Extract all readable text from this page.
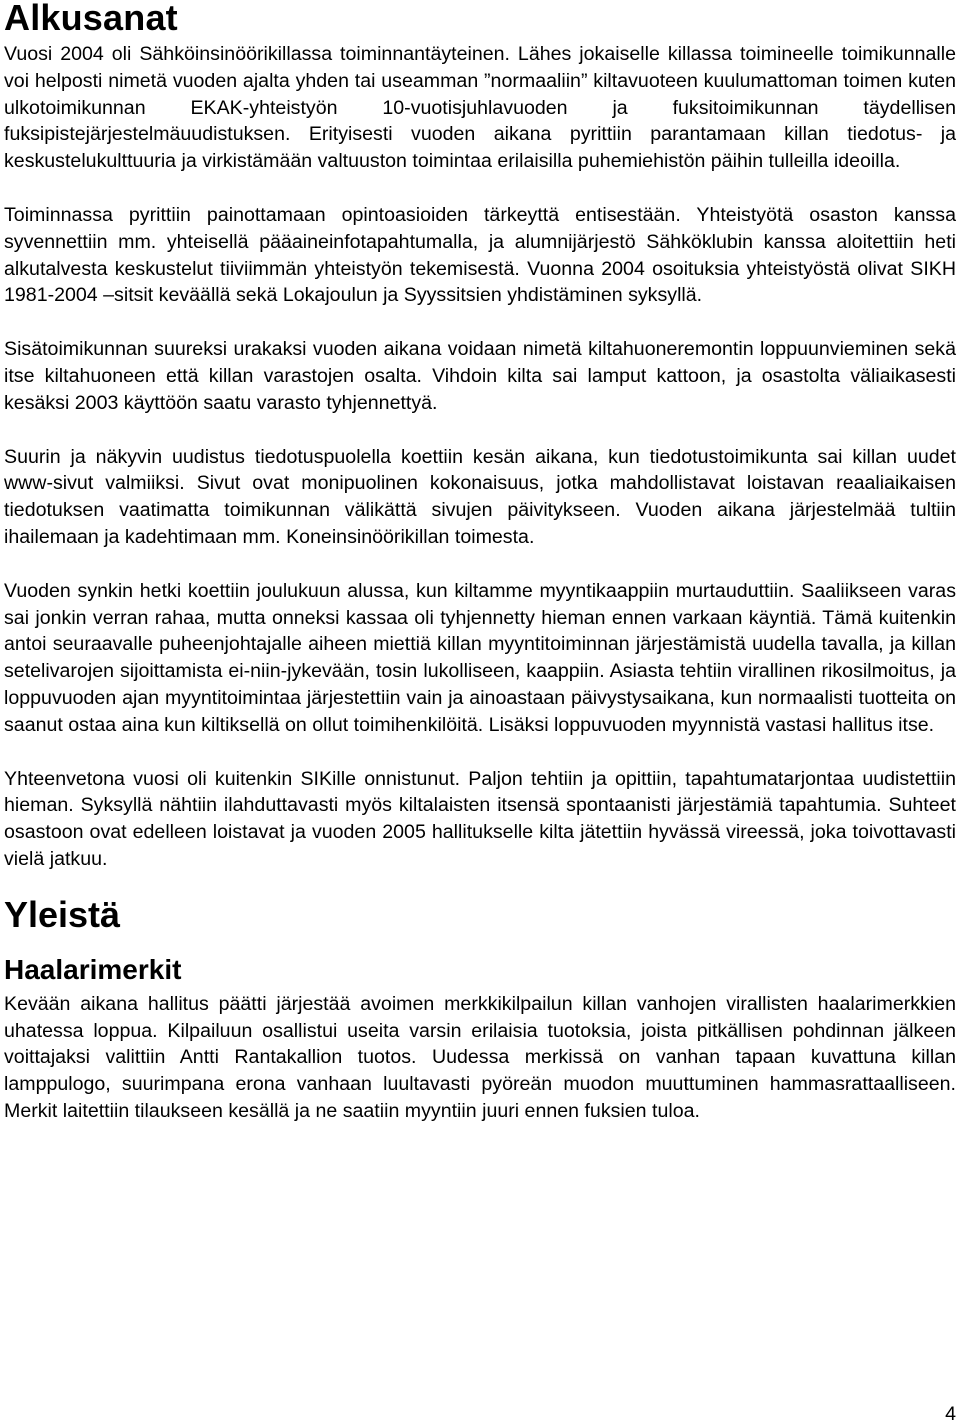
Alkusanat

Vuosi 2004 oli Sähköinsinöörikillassa toiminnantäyteinen. Lähes jokaiselle killassa toimineelle toimikunnalle voi helposti nimetä vuoden ajalta yhden tai useamman ”normaaliin” kiltavuoteen kuulumattoman toimen kuten ulkotoimikunnan EKAK-yhteistyön 10-vuotisjuhlavuoden ja fuksitoimikunnan täydellisen fuksipistejärjestelmäuudistuksen. Erityisesti vuoden aikana pyrittiin parantamaan killan tiedotus- ja keskustelukulttuuria ja virkistämään valtuuston toimintaa erilaisilla puhemiehistön päihin tulleilla ideoilla.

Toiminnassa pyrittiin painottamaan opintoasioiden tärkeyttä entisestään. Yhteistyötä osaston kanssa syvennettiin mm. yhteisellä pääaineinfotapahtumalla, ja alumnijärjestö Sähköklubin kanssa aloitettiin heti alkutalvesta keskustelut tiiviimmän yhteistyön tekemisestä. Vuonna 2004 osoituksia yhteistyöstä olivat SIKH 1981-2004 –sitsit keväällä sekä Lokajoulun ja Syyssitsien yhdistäminen syksyllä.

Sisätoimikunnan suureksi urakaksi vuoden aikana voidaan nimetä kiltahuoneremontin loppuunvieminen sekä itse kiltahuoneen että killan varastojen osalta. Vihdoin kilta sai lamput kattoon, ja osastolta väliaikasesti kesäksi 2003 käyttöön saatu varasto tyhjennettyä.

Suurin ja näkyvin uudistus tiedotuspuolella koettiin kesän aikana, kun tiedotustoimikunta sai killan uudet www-sivut valmiiksi. Sivut ovat monipuolinen kokonaisuus, jotka mahdollistavat loistavan reaaliaikaisen tiedotuksen vaatimatta toimikunnan välikättä sivujen päivitykseen. Vuoden aikana järjestelmää tultiin ihailemaan ja kadehtimaan mm. Koneinsinöörikillan toimesta.

Vuoden synkin hetki koettiin joulukuun alussa, kun kiltamme myyntikaappiin murtauduttiin. Saaliikseen varas sai jonkin verran rahaa, mutta onneksi kassaa oli tyhjennetty hieman ennen varkaan käyntiä. Tämä kuitenkin antoi seuraavalle puheenjohtajalle aiheen miettiä killan myyntitoiminnan järjestämistä uudella tavalla, ja killan setelivarojen sijoittamista ei-niin-jykevään, tosin lukolliseen, kaappiin. Asiasta tehtiin virallinen rikosilmoitus, ja loppuvuoden ajan myyntitoimintaa järjestettiin vain ja ainoastaan päivystysaikana, kun normaalisti tuotteita on saanut ostaa aina kun kiltiksellä on ollut toimihenkilöitä. Lisäksi loppuvuoden myynnistä vastasi hallitus itse.

Yhteenvetona vuosi oli kuitenkin SIKille onnistunut. Paljon tehtiin ja opittiin, tapahtumatarjontaa uudistettiin hieman. Syksyllä nähtiin ilahduttavasti myös kiltalaisten itsensä spontaanisti järjestämiä tapahtumia. Suhteet osastoon ovat edelleen loistavat ja vuoden 2005 hallitukselle kilta jätettiin hyvässä vireessä, joka toivottavasti vielä jatkuu.

Yleistä
Haalarimerkit

Kevään aikana hallitus päätti järjestää avoimen merkkikilpailun killan vanhojen virallisten haalarimerkkien uhatessa loppua. Kilpailuun osallistui useita varsin erilaisia tuotoksia, joista pitkällisen pohdinnan jälkeen voittajaksi valittiin Antti Rantakallion tuotos. Uudessa merkissä on vanhan tapaan kuvattuna killan lamppulogo, suurimpana erona vanhaan luultavasti pyöreän muodon muuttuminen hammasrattaalliseen. Merkit laitettiin tilaukseen kesällä ja ne saatiin myyntiin juuri ennen fuksien tuloa.

4
